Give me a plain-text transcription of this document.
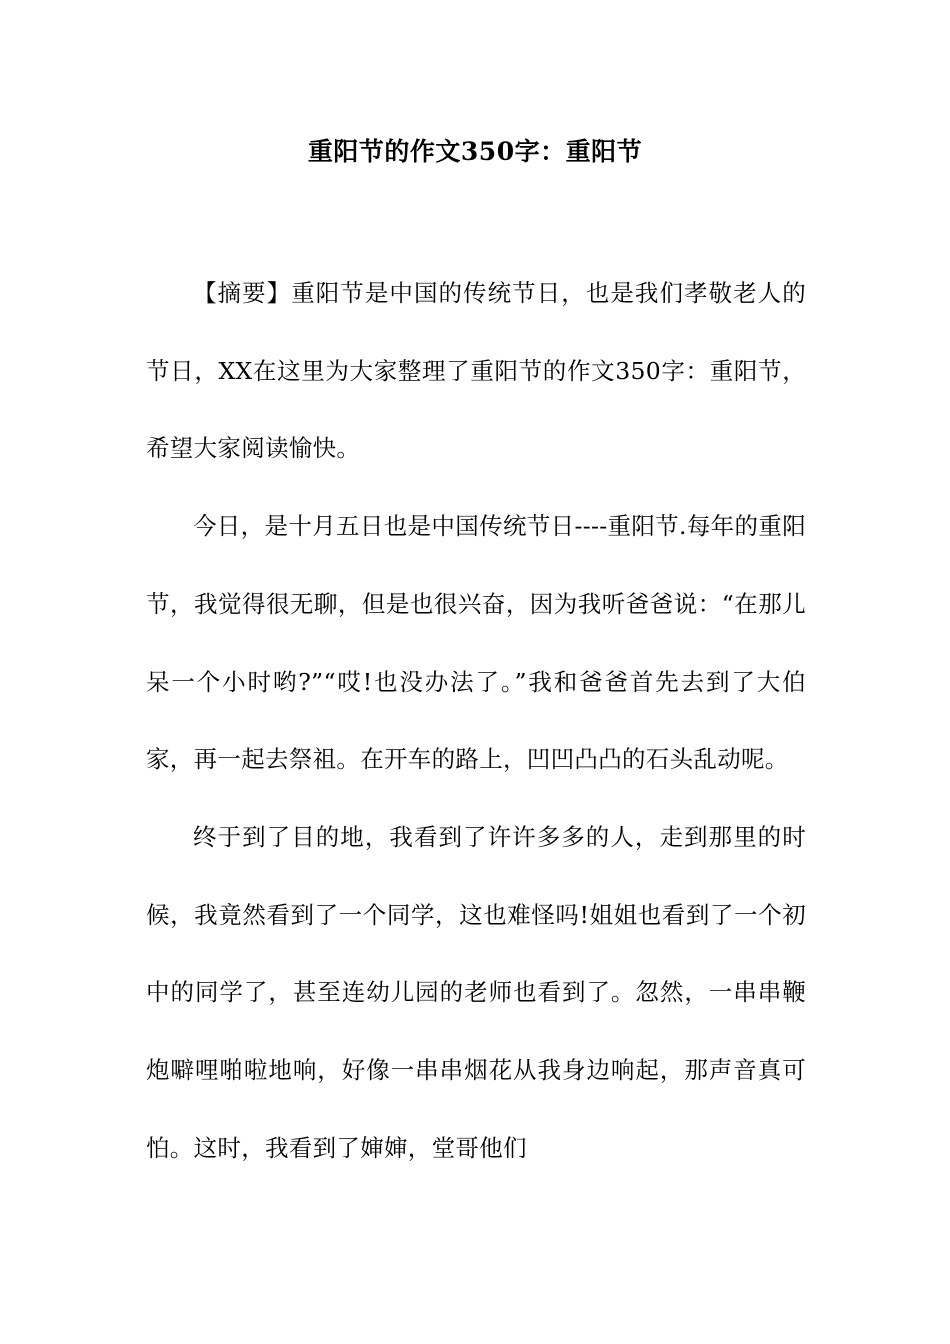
重阳节的作文350字：重阳节

【摘要】重阳节是中国的传统节日，也是我们孝敬老人的节日，XX在这里为大家整理了重阳节的作文350字：重阳节，希望大家阅读愉快。

今日，是十月五日也是中国传统节日----重阳节.每年的重阳节，我觉得很无聊，但是也很兴奋，因为我听爸爸说：“在那儿呆一个小时哟?”“哎!也没办法了。”我和爸爸首先去到了大伯家，再一起去祭祖。在开车的路上，凹凹凸凸的石头乱动呢。

终于到了目的地，我看到了许许多多的人，走到那里的时候，我竟然看到了一个同学，这也难怪吗!姐姐也看到了一个初中的同学了，甚至连幼儿园的老师也看到了。忽然，一串串鞭炮噼哩啪啦地响，好像一串串烟花从我身边响起，那声音真可怕。这时，我看到了婶婶，堂哥他们
